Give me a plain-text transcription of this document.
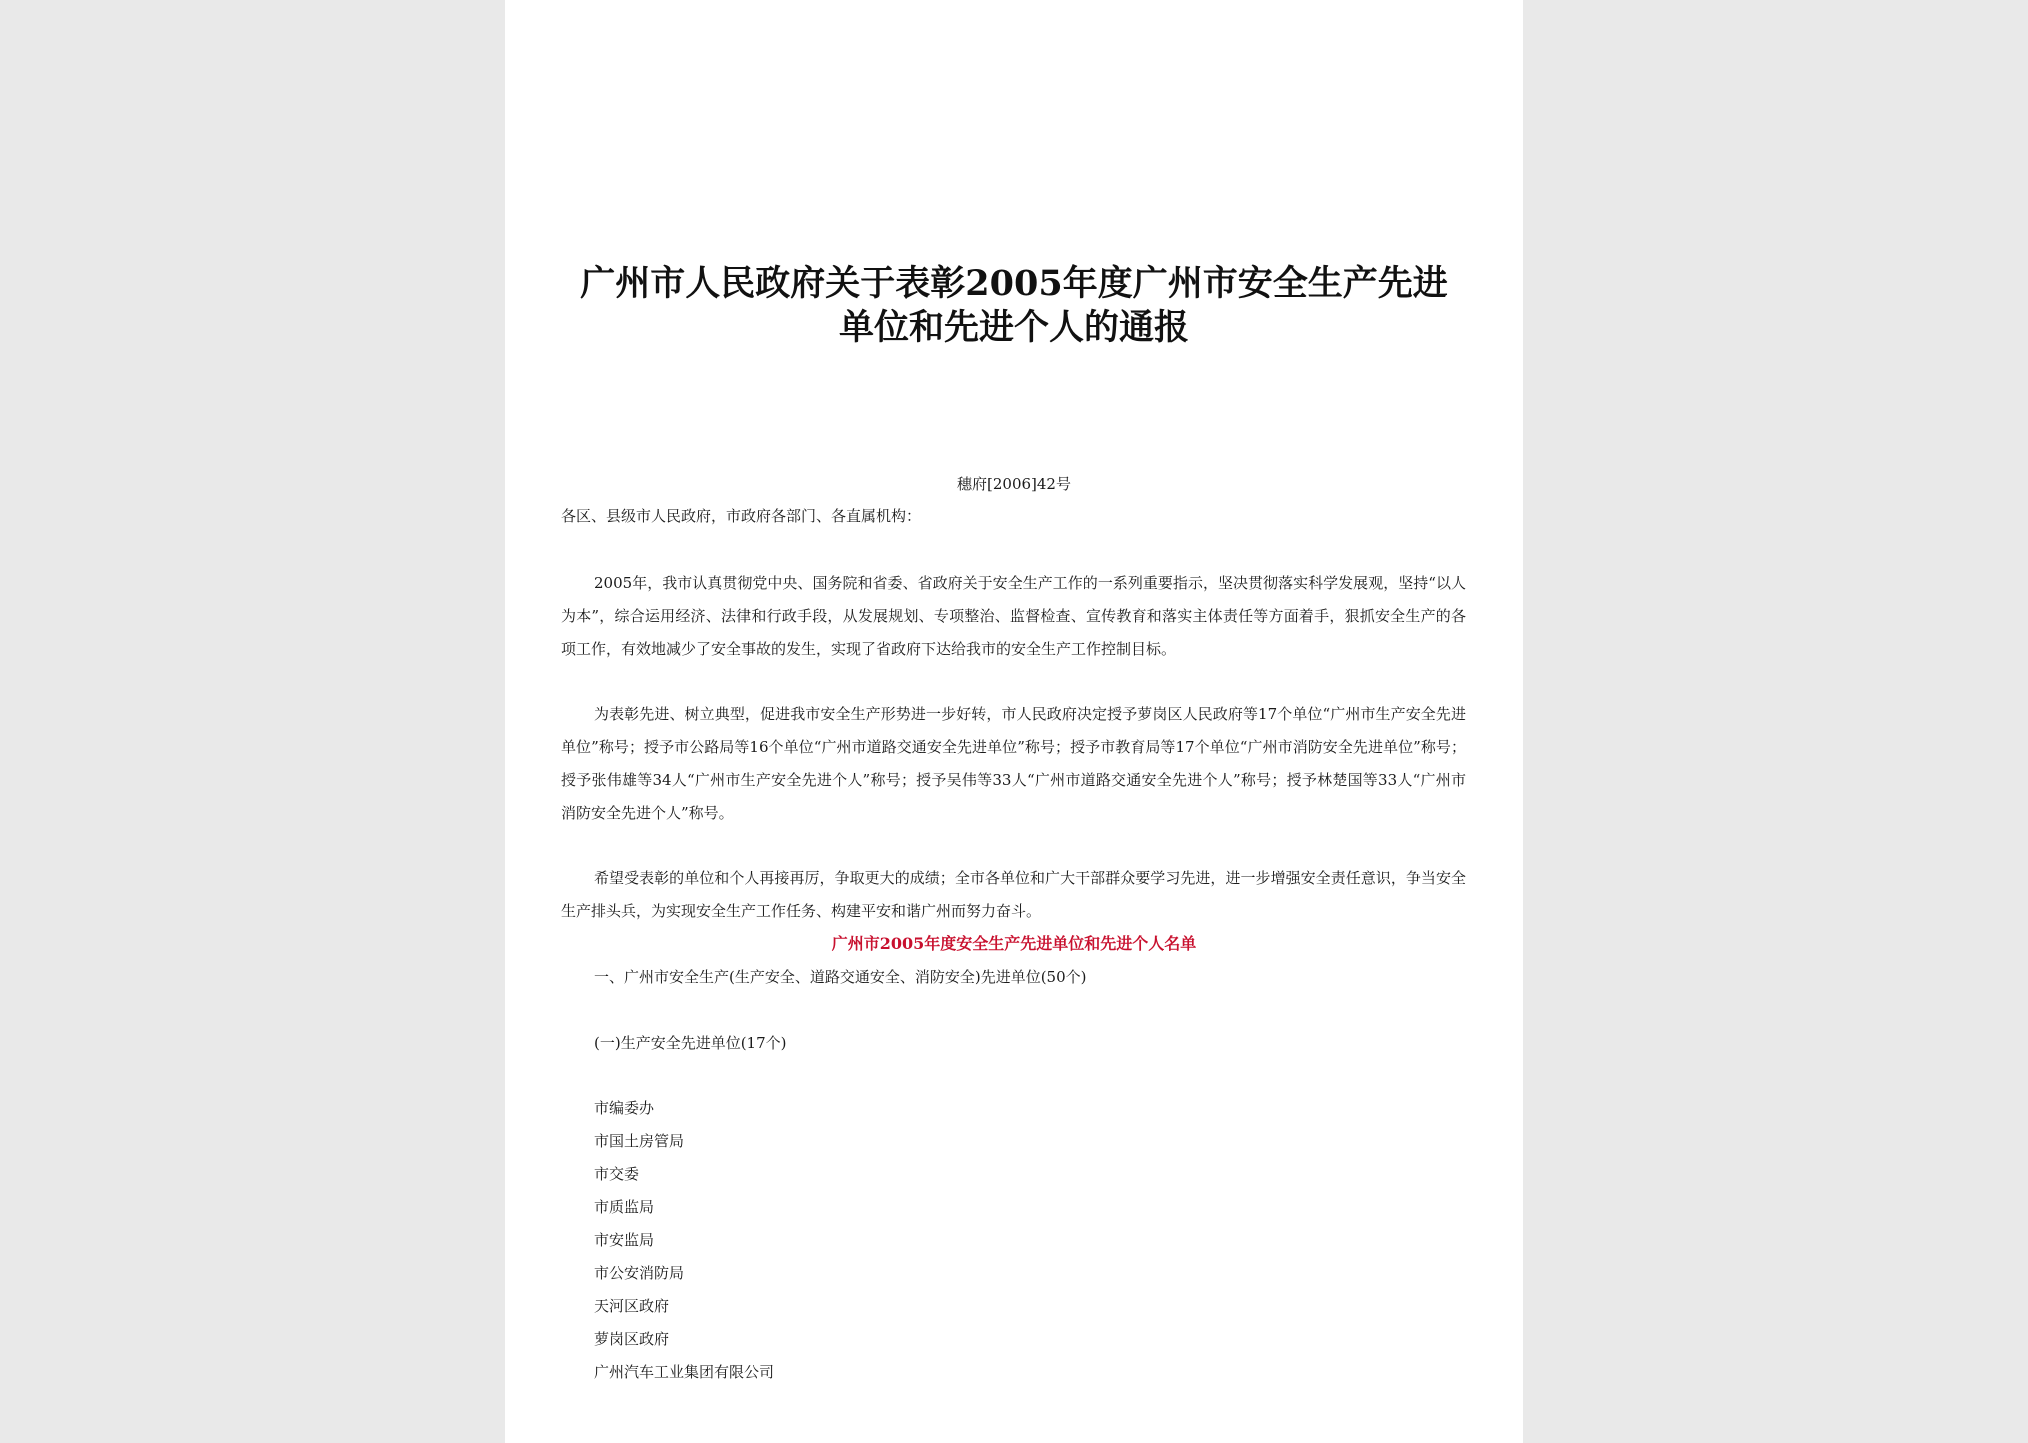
广州市人民政府关于表彰2005年度广州市安全生产先进
单位和先进个人的通报
穗府[2006]42号
各区、县级市人民政府，市政府各部门、各直属机构：
2005年，我市认真贯彻党中央、国务院和省委、省政府关于安全生产工作的一系列重要指示，坚决贯彻落实科学发展观，坚持“以人为本”，综合运用经济、法律和行政手段，从发展规划、专项整治、监督检查、宣传教育和落实主体责任等方面着手，狠抓安全生产的各项工作，有效地减少了安全事故的发生，实现了省政府下达给我市的安全生产工作控制目标。
为表彰先进、树立典型，促进我市安全生产形势进一步好转，市人民政府决定授予萝岗区人民政府等17个单位“广州市生产安全先进单位”称号；授予市公路局等16个单位“广州市道路交通安全先进单位”称号；授予市教育局等17个单位“广州市消防安全先进单位”称号；授予张伟雄等34人“广州市生产安全先进个人”称号；授予吴伟等33人“广州市道路交通安全先进个人”称号；授予林楚国等33人“广州市消防安全先进个人”称号。
希望受表彰的单位和个人再接再厉，争取更大的成绩；全市各单位和广大干部群众要学习先进，进一步增强安全责任意识，争当安全生产排头兵，为实现安全生产工作任务、构建平安和谐广州而努力奋斗。
广州市2005年度安全生产先进单位和先进个人名单
一、广州市安全生产(生产安全、道路交通安全、消防安全)先进单位(50个)
(一)生产安全先进单位(17个)
市编委办
市国土房管局
市交委
市质监局
市安监局
市公安消防局
天河区政府
萝岗区政府
广州汽车工业集团有限公司
